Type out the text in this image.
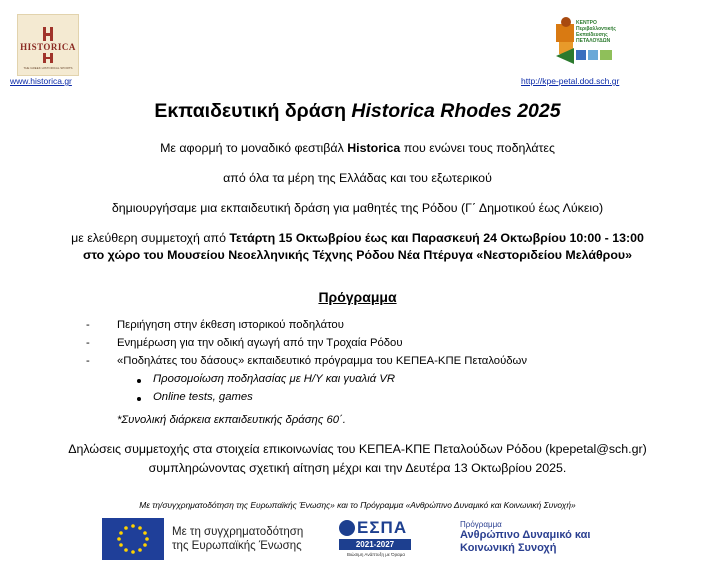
HISTORICA
THE GREEK HISTORICAL SPORTS
www.historica.gr
ΚΕΝΤΡΟ Περιβαλλοντικής Εκπαίδευσης ΠΕΤΑΛΟΥΔΩΝ
http://kpe-petal.dod.sch.gr
Εκπαιδευτική δράση Historica Rhodes 2025
Με αφορμή το μοναδικό φεστιβάλ Historica που ενώνει τους ποδηλάτες
από όλα τα μέρη της Ελλάδας και του εξωτερικού
δημιουργήσαμε μια εκπαιδευτική δράση για μαθητές της Ρόδου (Γ΄ Δημοτικού έως Λύκειο)
με ελεύθερη συμμετοχή από Τετάρτη 15 Οκτωβρίου έως και Παρασκευή 24 Οκτωβρίου 10:00 - 13:00
στο χώρο του Μουσείου Νεοελληνικής Τέχνης Ρόδου Νέα Πτέρυγα «Νεστοριδείου Μελάθρου»
Πρόγραμμα
- Περιήγηση στην έκθεση ιστορικού ποδηλάτου
- Ενημέρωση για την οδική αγωγή από την Τροχαία Ρόδου
- «Ποδηλάτες του δάσους» εκπαιδευτικό πρόγραμμα του ΚΕΠΕΑ-ΚΠΕ Πεταλούδων
Προσομοίωση ποδηλασίας με Η/Υ και γυαλιά VR
Online tests, games
*Συνολική διάρκεια εκπαιδευτικής δράσης 60΄.
Δηλώσεις συμμετοχής στα στοιχεία επικοινωνίας του ΚΕΠΕΑ-ΚΠΕ Πεταλούδων Ρόδου (kpepetal@sch.gr)
συμπληρώνοντας σχετική αίτηση μέχρι και την Δευτέρα 13 Οκτωβρίου 2025.
Με τη/συγχρηματοδότηση της Ευρωπαϊκής Ένωσης» και το Πρόγραμμα «Ανθρώπινο Δυναμικό και Κοινωνική Συνοχή»
Με τη συγχρηματοδότηση
της Ευρωπαϊκής Ένωσης
ΕΣΠΑ
2021-2027
Βιώσιμη Ανάπτυξη με Όραμα
Πρόγραμμα
Ανθρώπινο Δυναμικό και
Κοινωνική Συνοχή
